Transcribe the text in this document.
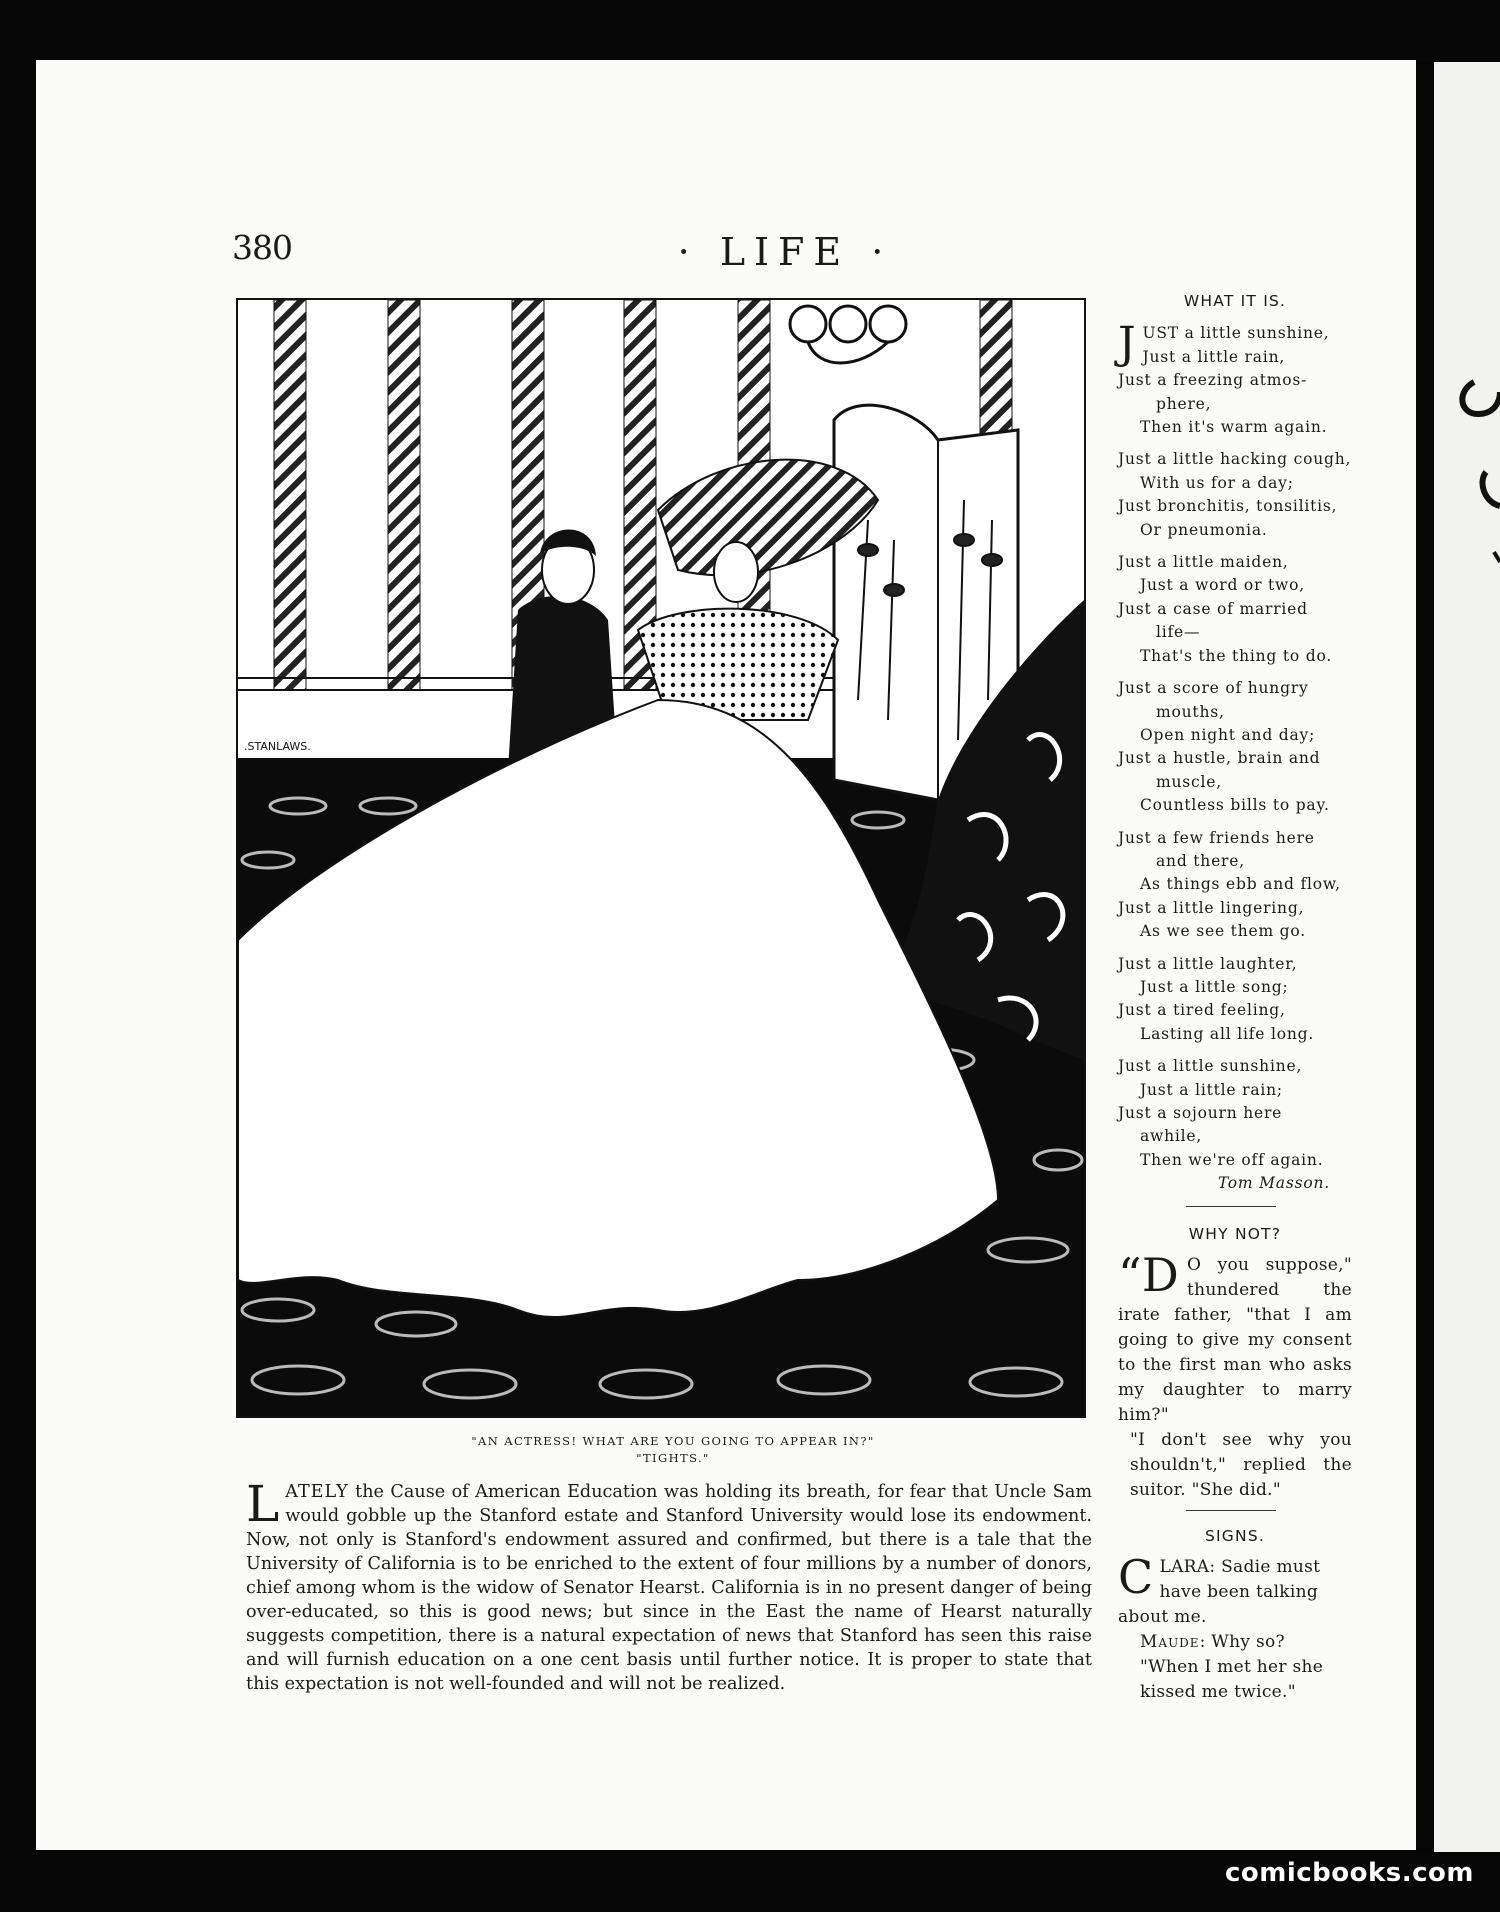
380	· LIFE ·
.STANLAWS.
"AN ACTRESS! WHAT ARE YOU GOING TO APPEAR IN?"
"TIGHTS."

LATELY the Cause of American Education was holding its breath, for fear that Uncle Sam would gobble up the Stanford estate and Stanford University would lose its endowment. Now, not only is Stanford's endowment assured and confirmed, but there is a tale that the University of California is to be enriched to the extent of four millions by a number of donors, chief among whom is the widow of Senator Hearst. California is in no present danger of being over-educated, so this is good news; but since in the East the name of Hearst naturally suggests competition, there is a natural expectation of news that Stanford has seen this raise and will furnish education on a one cent basis until further notice. It is proper to state that this expectation is not well-founded and will not be realized.

WHAT IT IS.
J UST a little sunshine,
Just a little rain,
Just a freezing atmos-
phere,
Then it's warm again.
Just a little hacking cough,
With us for a day;
Just bronchitis, tonsilitis,
Or pneumonia.
Just a little maiden,
Just a word or two,
Just a case of married
life—
That's the thing to do.
Just a score of hungry
mouths,
Open night and day;
Just a hustle, brain and
muscle,
Countless bills to pay.
Just a few friends here
and there,
As things ebb and flow,
Just a little lingering,
As we see them go.
Just a little laughter,
Just a little song;
Just a tired feeling,
Lasting all life long.
Just a little sunshine,
Just a little rain;
Just a sojourn here
awhile,
Then we're off again.
Tom Masson.
WHY NOT?
“D O you suppose," thundered the irate father, "that I am going to give my consent to the first man who asks my daughter to marry him?"
"I don't see why you shouldn't," replied the suitor. "She did."
SIGNS.
CLARA: Sadie must have been talking about me.
Maude: Why so?
"When I met her she kissed me twice."
comicbooks.com
